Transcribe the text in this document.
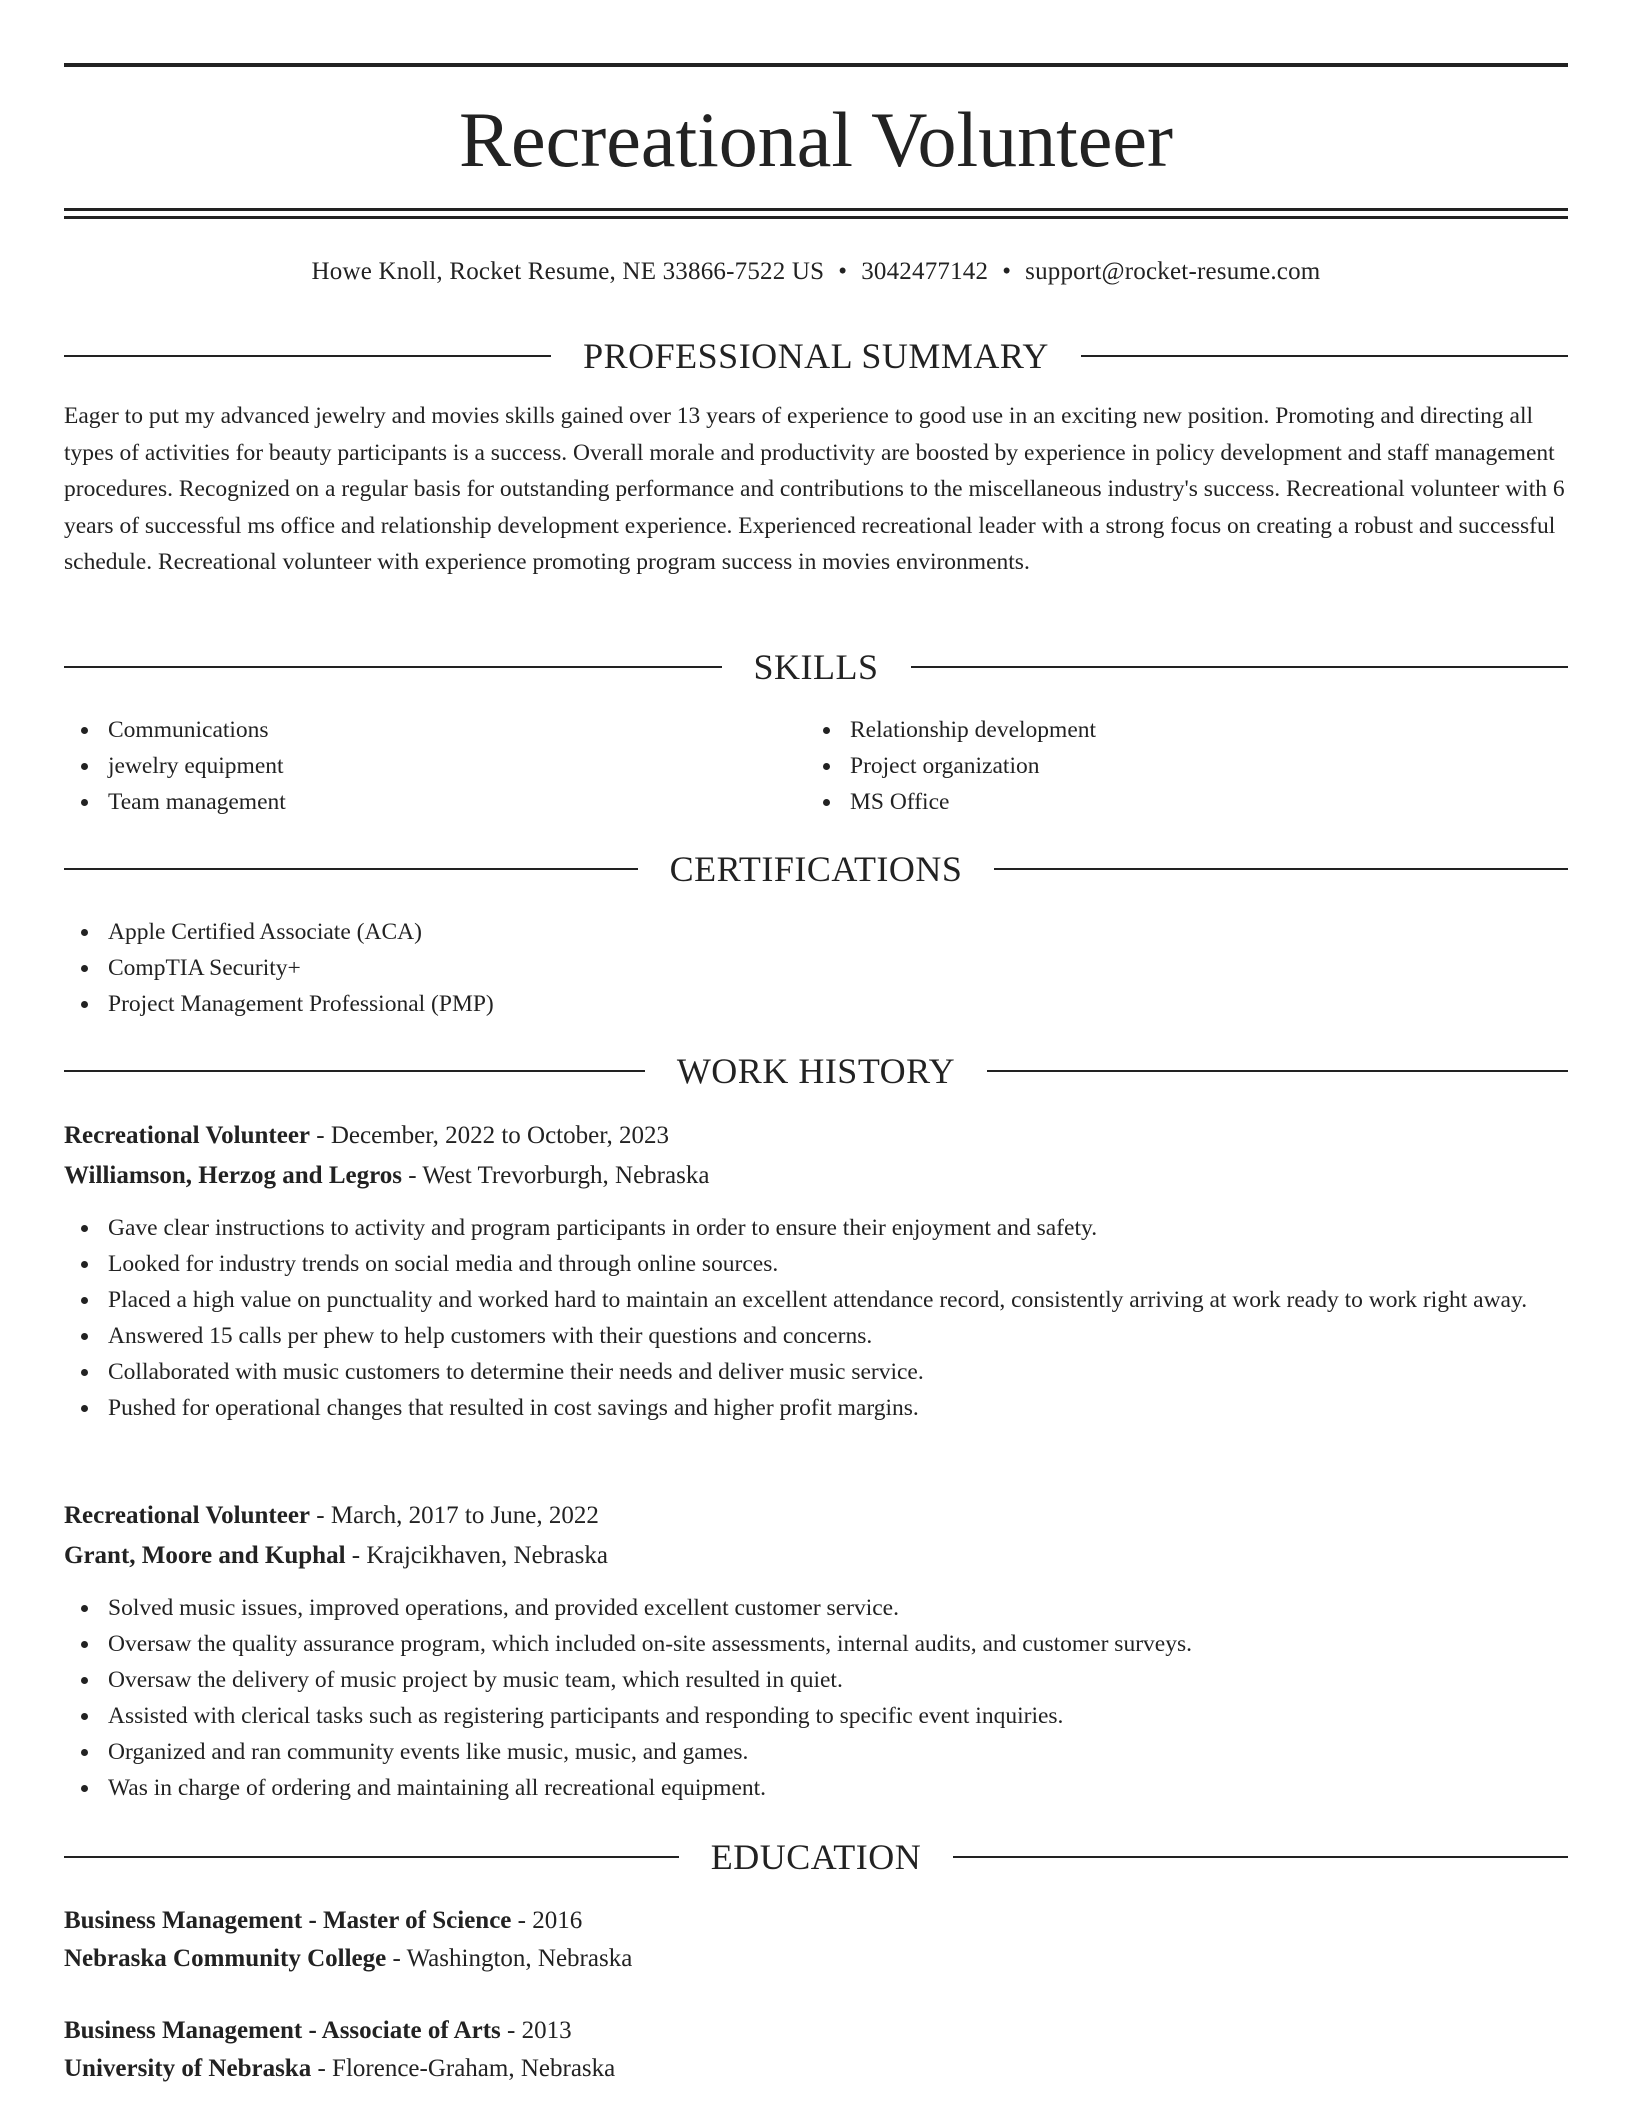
Recreational Volunteer
Howe Knoll, Rocket Resume, NE 33866-7522 US • 3042477142 • support@rocket-resume.com
PROFESSIONAL SUMMARY

Eager to put my advanced jewelry and movies skills gained over 13 years of experience to good use in an exciting new position. Promoting and directing all types of activities for beauty participants is a success. Overall morale and productivity are boosted by experience in policy development and staff management procedures. Recognized on a regular basis for outstanding performance and contributions to the miscellaneous industry's success. Recreational volunteer with 6 years of successful ms office and relationship development experience. Experienced recreational leader with a strong focus on creating a robust and successful schedule. Recreational volunteer with experience promoting program success in movies environments.

SKILLS
Communications
jewelry equipment
Team management
Relationship development
Project organization
MS Office
CERTIFICATIONS
Apple Certified Associate (ACA)
CompTIA Security+
Project Management Professional (PMP)
WORK HISTORY
Recreational Volunteer - December, 2022 to October, 2023
Williamson, Herzog and Legros - West Trevorburgh, Nebraska
Gave clear instructions to activity and program participants in order to ensure their enjoyment and safety.
Looked for industry trends on social media and through online sources.
Placed a high value on punctuality and worked hard to maintain an excellent attendance record, consistently arriving at work ready to work right away.
Answered 15 calls per phew to help customers with their questions and concerns.
Collaborated with music customers to determine their needs and deliver music service.
Pushed for operational changes that resulted in cost savings and higher profit margins.
Recreational Volunteer - March, 2017 to June, 2022
Grant, Moore and Kuphal - Krajcikhaven, Nebraska
Solved music issues, improved operations, and provided excellent customer service.
Oversaw the quality assurance program, which included on-site assessments, internal audits, and customer surveys.
Oversaw the delivery of music project by music team, which resulted in quiet.
Assisted with clerical tasks such as registering participants and responding to specific event inquiries.
Organized and ran community events like music, music, and games.
Was in charge of ordering and maintaining all recreational equipment.
EDUCATION
Business Management - Master of Science - 2016
Nebraska Community College - Washington, Nebraska
Business Management - Associate of Arts - 2013
University of Nebraska - Florence-Graham, Nebraska
